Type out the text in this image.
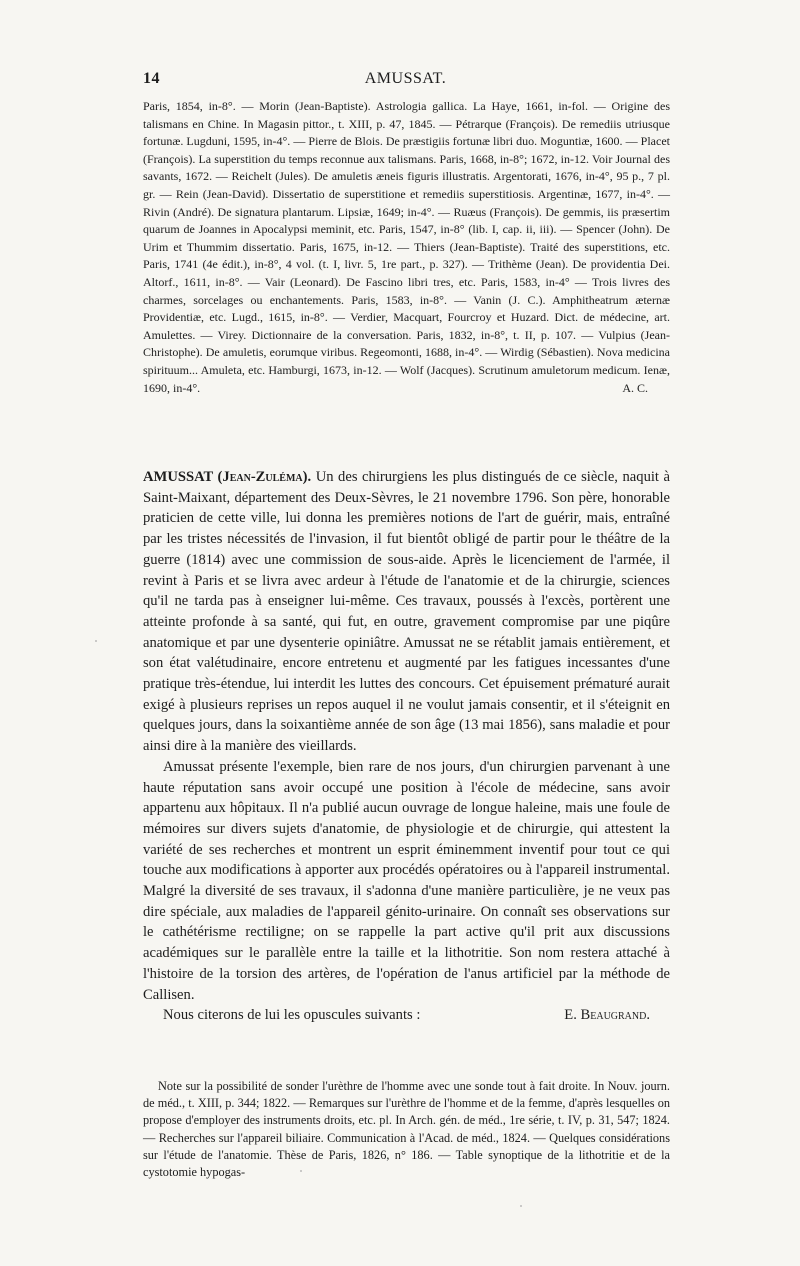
14	AMUSSAT.

Paris, 1854, in-8°. — Morin (Jean-Baptiste). Astrologia gallica. La Haye, 1661, in-fol. — Origine des talismans en Chine. In Magasin pittor., t. XIII, p. 47, 1845. — Pétrarque (François). De remediis utriusque fortunæ. Lugduni, 1595, in-4°. — Pierre de Blois. De præstigiis fortunæ libri duo. Moguntiæ, 1600. — Placet (François). La superstition du temps reconnue aux talismans. Paris, 1668, in-8°; 1672, in-12. Voir Journal des savants, 1672. — Reichelt (Jules). De amuletis æneis figuris illustratis. Argentorati, 1676, in-4°, 95 p., 7 pl. gr. — Rein (Jean-David). Dissertatio de superstitione et remediis superstitiosis. Argentinæ, 1677, in-4°. — Rivin (André). De signatura plantarum. Lipsiæ, 1649; in-4°. — Ruæus (François). De gemmis, iis præsertim quarum de Joannes in Apocalypsi meminit, etc. Paris, 1547, in-8° (lib. I, cap. ii, iii). — Spencer (John). De Urim et Thummim dissertatio. Paris, 1675, in-12. — Thiers (Jean-Baptiste). Traité des superstitions, etc. Paris, 1741 (4e édit.), in-8°, 4 vol. (t. I, livr. 5, 1re part., p. 327). — Trithème (Jean). De providentia Dei. Altorf., 1611, in-8°. — Vair (Leonard). De Fascino libri tres, etc. Paris, 1583, in-4° — Trois livres des charmes, sorcelages ou enchantements. Paris, 1583, in-8°. — Vanin (J. C.). Amphitheatrum æternæ Providentiæ, etc. Lugd., 1615, in-8°. — Verdier, Macquart, Fourcroy et Huzard. Dict. de médecine, art. Amulettes. — Virey. Dictionnaire de la conversation. Paris, 1832, in-8°, t. II, p. 107. — Vulpius (Jean-Christophe). De amuletis, eorumque viribus. Regeomonti, 1688, in-4°. — Wirdig (Sébastien). Nova medicina spirituum... Amuleta, etc. Hamburgi, 1673, in-12. — Wolf (Jacques). Scrutinum amuletorum medicum. Ienæ, 1690, in-4°.	A. C.

AMUSSAT (Jean-Zuléma). Un des chirurgiens les plus distingués de ce siècle, naquit à Saint-Maixant, département des Deux-Sèvres, le 21 novembre 1796. Son père, honorable praticien de cette ville, lui donna les premières notions de l'art de guérir, mais, entraîné par les tristes nécessités de l'invasion, il fut bientôt obligé de partir pour le théâtre de la guerre (1814) avec une commission de sous-aide. Après le licenciement de l'armée, il revint à Paris et se livra avec ardeur à l'étude de l'anatomie et de la chirurgie, sciences qu'il ne tarda pas à enseigner lui-même. Ces travaux, poussés à l'excès, portèrent une atteinte profonde à sa santé, qui fut, en outre, gravement compromise par une piqûre anatomique et par une dysenterie opiniâtre. Amussat ne se rétablit jamais entièrement, et son état valétudinaire, encore entretenu et augmenté par les fatigues incessantes d'une pratique très-étendue, lui interdit les luttes des concours. Cet épuisement prématuré aurait exigé à plusieurs reprises un repos auquel il ne voulut jamais consentir, et il s'éteignit en quelques jours, dans la soixantième année de son âge (13 mai 1856), sans maladie et pour ainsi dire à la manière des vieillards.

Amussat présente l'exemple, bien rare de nos jours, d'un chirurgien parvenant à une haute réputation sans avoir occupé une position à l'école de médecine, sans avoir appartenu aux hôpitaux. Il n'a publié aucun ouvrage de longue haleine, mais une foule de mémoires sur divers sujets d'anatomie, de physiologie et de chirurgie, qui attestent la variété de ses recherches et montrent un esprit éminemment inventif pour tout ce qui touche aux modifications à apporter aux procédés opératoires ou à l'appareil instrumental. Malgré la diversité de ses travaux, il s'adonna d'une manière particulière, je ne veux pas dire spéciale, aux maladies de l'appareil génito-urinaire. On connaît ses observations sur le cathétérisme rectiligne; on se rappelle la part active qu'il prit aux discussions académiques sur le parallèle entre la taille et la lithotritie. Son nom restera attaché à l'histoire de la torsion des artères, de l'opération de l'anus artificiel par la méthode de Callisen.

Nous citerons de lui les opuscules suivants :	E. Beaugrand.

Note sur la possibilité de sonder l'urèthre de l'homme avec une sonde tout à fait droite. In Nouv. journ. de méd., t. XIII, p. 344; 1822. — Remarques sur l'urèthre de l'homme et de la femme, d'après lesquelles on propose d'employer des instruments droits, etc. pl. In Arch. gén. de méd., 1re série, t. IV, p. 31, 547; 1824. — Recherches sur l'appareil biliaire. Communication à l'Acad. de méd., 1824. — Quelques considérations sur l'étude de l'anatomie. Thèse de Paris, 1826, n° 186. — Table synoptique de la lithotritie et de la cystotomie hypogas-
